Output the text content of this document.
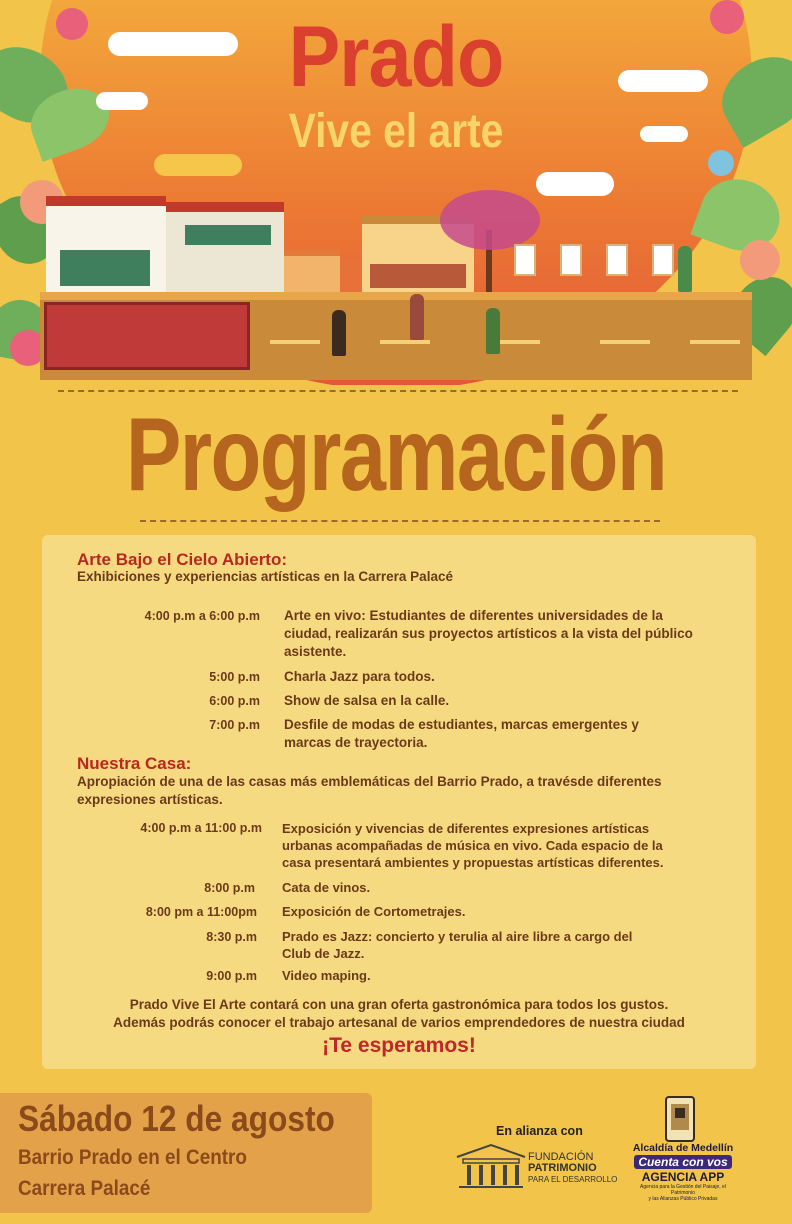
Prado
Vive el arte
Programación
Arte Bajo el Cielo Abierto:
Exhibiciones y experiencias artísticas en la Carrera Palacé
4:00 p.m a 6:00 p.m Arte en vivo: Estudiantes de diferentes universidades de la
ciudad, realizarán sus proyectos artísticos a la vista del público
asistente.
5:00 p.m Charla Jazz para todos.
6:00 p.m Show de salsa en la calle.
7:00 p.m Desfile de modas de estudiantes, marcas emergentes y
marcas de trayectoria.
Nuestra Casa:
Apropiación de una de las casas más emblemáticas del Barrio Prado, a travésde diferentes
expresiones artísticas.
4:00 p.m a 11:00 p.m Exposición y vivencias de diferentes expresiones artísticas
urbanas acompañadas de música en vivo. Cada espacio de la
casa presentará ambientes y propuestas artísticas diferentes.
8:00 p.m Cata de vinos.
8:00 pm a 11:00pm Exposición de Cortometrajes.
8:30 p.m Prado es Jazz: concierto y terulia al aire libre a cargo del
Club de Jazz.
9:00 p.m Video maping.
Prado Vive El Arte contará con una gran oferta gastronómica para todos los gustos.
Además podrás conocer el trabajo artesanal de varios emprendedores de nuestra ciudad
¡Te esperamos!
Sábado 12 de agosto
Barrio Prado en el Centro
Carrera Palacé
En alianza con
FUNDACIÓN
PATRIMONIO
PARA EL DESARROLLO
Alcaldía de Medellín
Cuenta con vos
AGENCIA APP
Agencia para la Gestión del Paisaje, el Patrimonio
y las Alianzas Público Privadas
